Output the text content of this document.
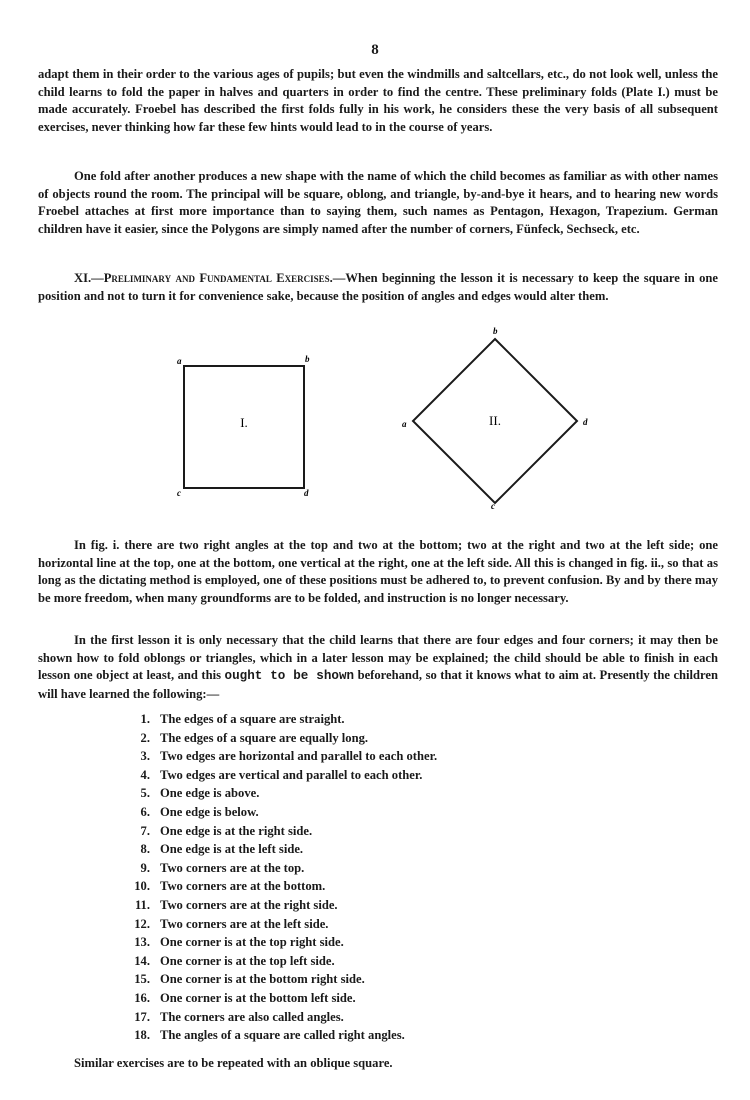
8

adapt them in their order to the various ages of pupils; but even the windmills and saltcellars, etc., do not look well, unless the child learns to fold the paper in halves and quarters in order to find the centre. These preliminary folds (Plate I.) must be made accurately. Froebel has described the first folds fully in his work, he considers these the very basis of all subsequent exercises, never thinking how far these few hints would lead to in the course of years.

One fold after another produces a new shape with the name of which the child becomes as familiar as with other names of objects round the room. The principal will be square, oblong, and triangle, by-and-bye it hears, and to hearing new words Froebel attaches at first more importance than to saying them, such names as Pentagon, Hexagon, Trapezium. German children have it easier, since the Polygons are simply named after the number of corners, Fünfeck, Sechseck, etc.

XI.—Preliminary and Fundamental Exercises.—When beginning the lesson it is necessary to keep the square in one position and not to turn it for convenience sake, because the position of angles and edges would alter them.

I.
a	b
c	d
II.
a
b
c
d

In fig. i. there are two right angles at the top and two at the bottom; two at the right and two at the left side; one horizontal line at the top, one at the bottom, one vertical at the right, one at the left side. All this is changed in fig. ii., so that as long as the dictating method is employed, one of these positions must be adhered to, to prevent confusion. By and by there may be more freedom, when many groundforms are to be folded, and instruction is no longer necessary.

In the first lesson it is only necessary that the child learns that there are four edges and four corners; it may then be shown how to fold oblongs or triangles, which in a later lesson may be explained; the child should be able to finish in each lesson one object at least, and this ought to be shown beforehand, so that it knows what to aim at. Presently the children will have learned the following:—

1. The edges of a square are straight.
2. The edges of a square are equally long.
3. Two edges are horizontal and parallel to each other.
4. Two edges are vertical and parallel to each other.
5. One edge is above.
6. One edge is below.
7. One edge is at the right side.
8. One edge is at the left side.
9. Two corners are at the top.
10. Two corners are at the bottom.
11. Two corners are at the right side.
12. Two corners are at the left side.
13. One corner is at the top right side.
14. One corner is at the top left side.
15. One corner is at the bottom right side.
16. One corner is at the bottom left side.
17. The corners are also called angles.
18. The angles of a square are called right angles.
Similar exercises are to be repeated with an oblique square.
